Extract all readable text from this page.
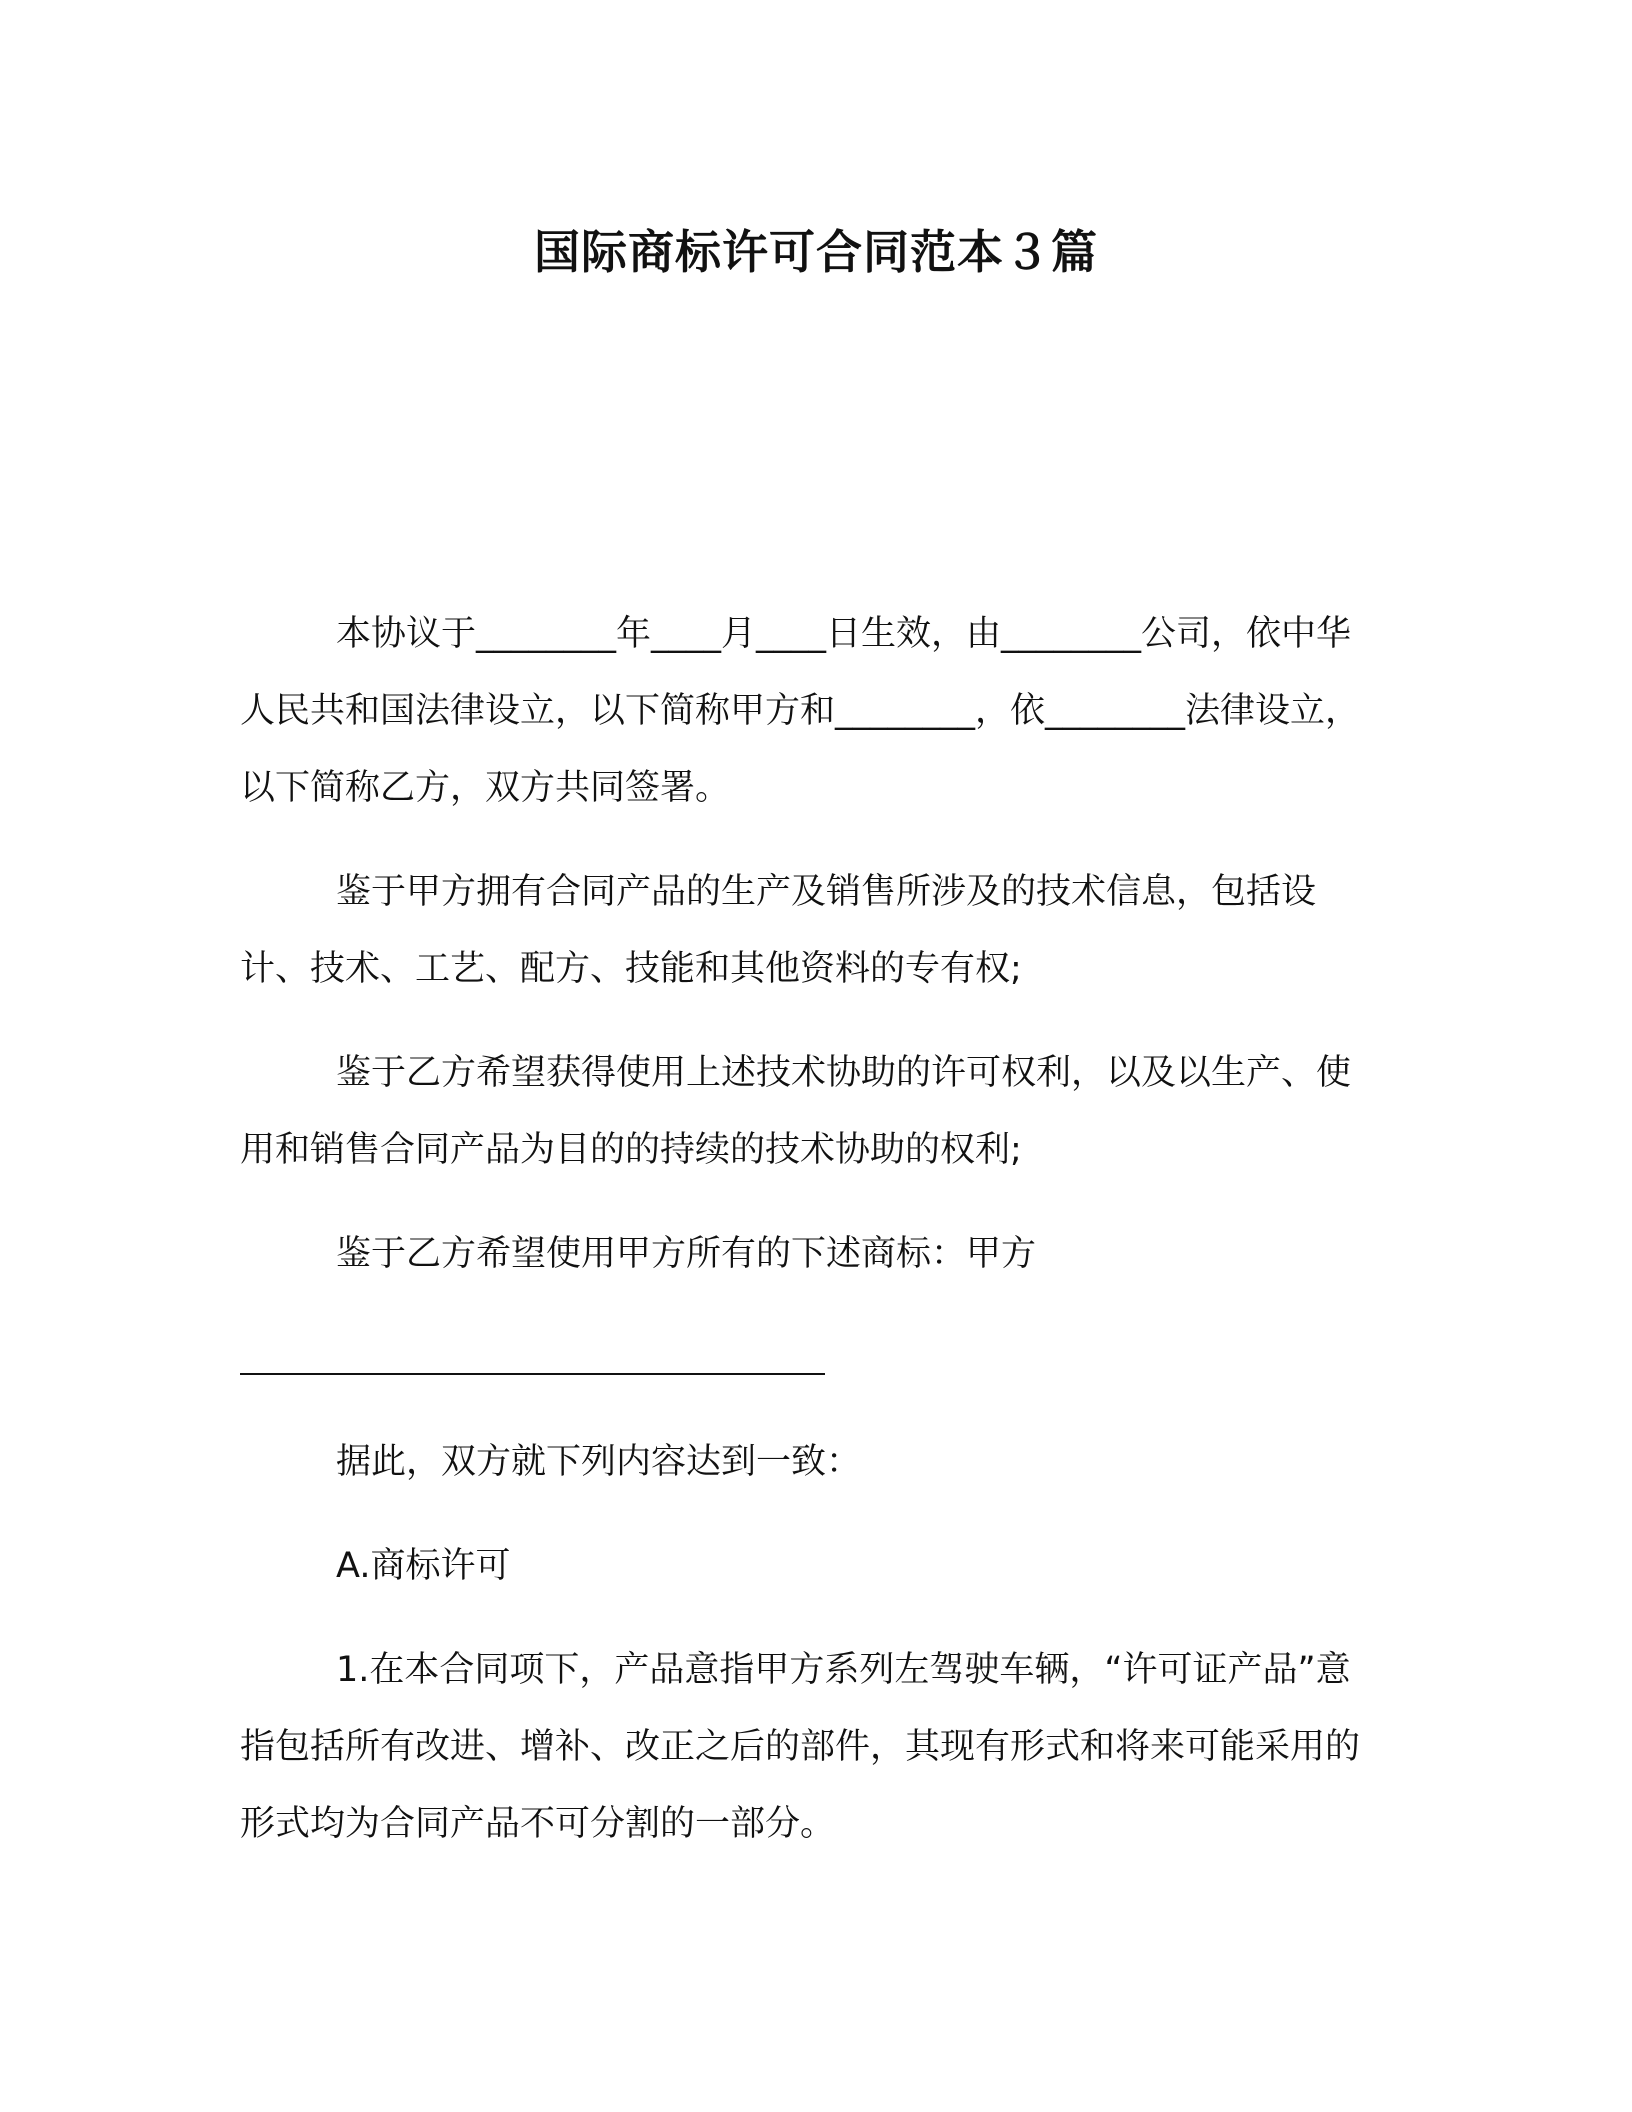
国际商标许可合同范本３篇

本协议于________年____月____日生效，由________公司，依中华人民共和国法律设立，以下简称甲方和________，依________法律设立，以下简称乙方，双方共同签署。

鉴于甲方拥有合同产品的生产及销售所涉及的技术信息，包括设计、技术、工艺、配方、技能和其他资料的专有权;

鉴于乙方希望获得使用上述技术协助的许可权利，以及以生产、使用和销售合同产品为目的的持续的技术协助的权利;

鉴于乙方希望使用甲方所有的下述商标：甲方

据此，双方就下列内容达到一致：

A.商标许可

1.在本合同项下，产品意指甲方系列左驾驶车辆，“许可证产品”意指包括所有改进、增补、改正之后的部件，其现有形式和将来可能采用的形式均为合同产品不可分割的一部分。
